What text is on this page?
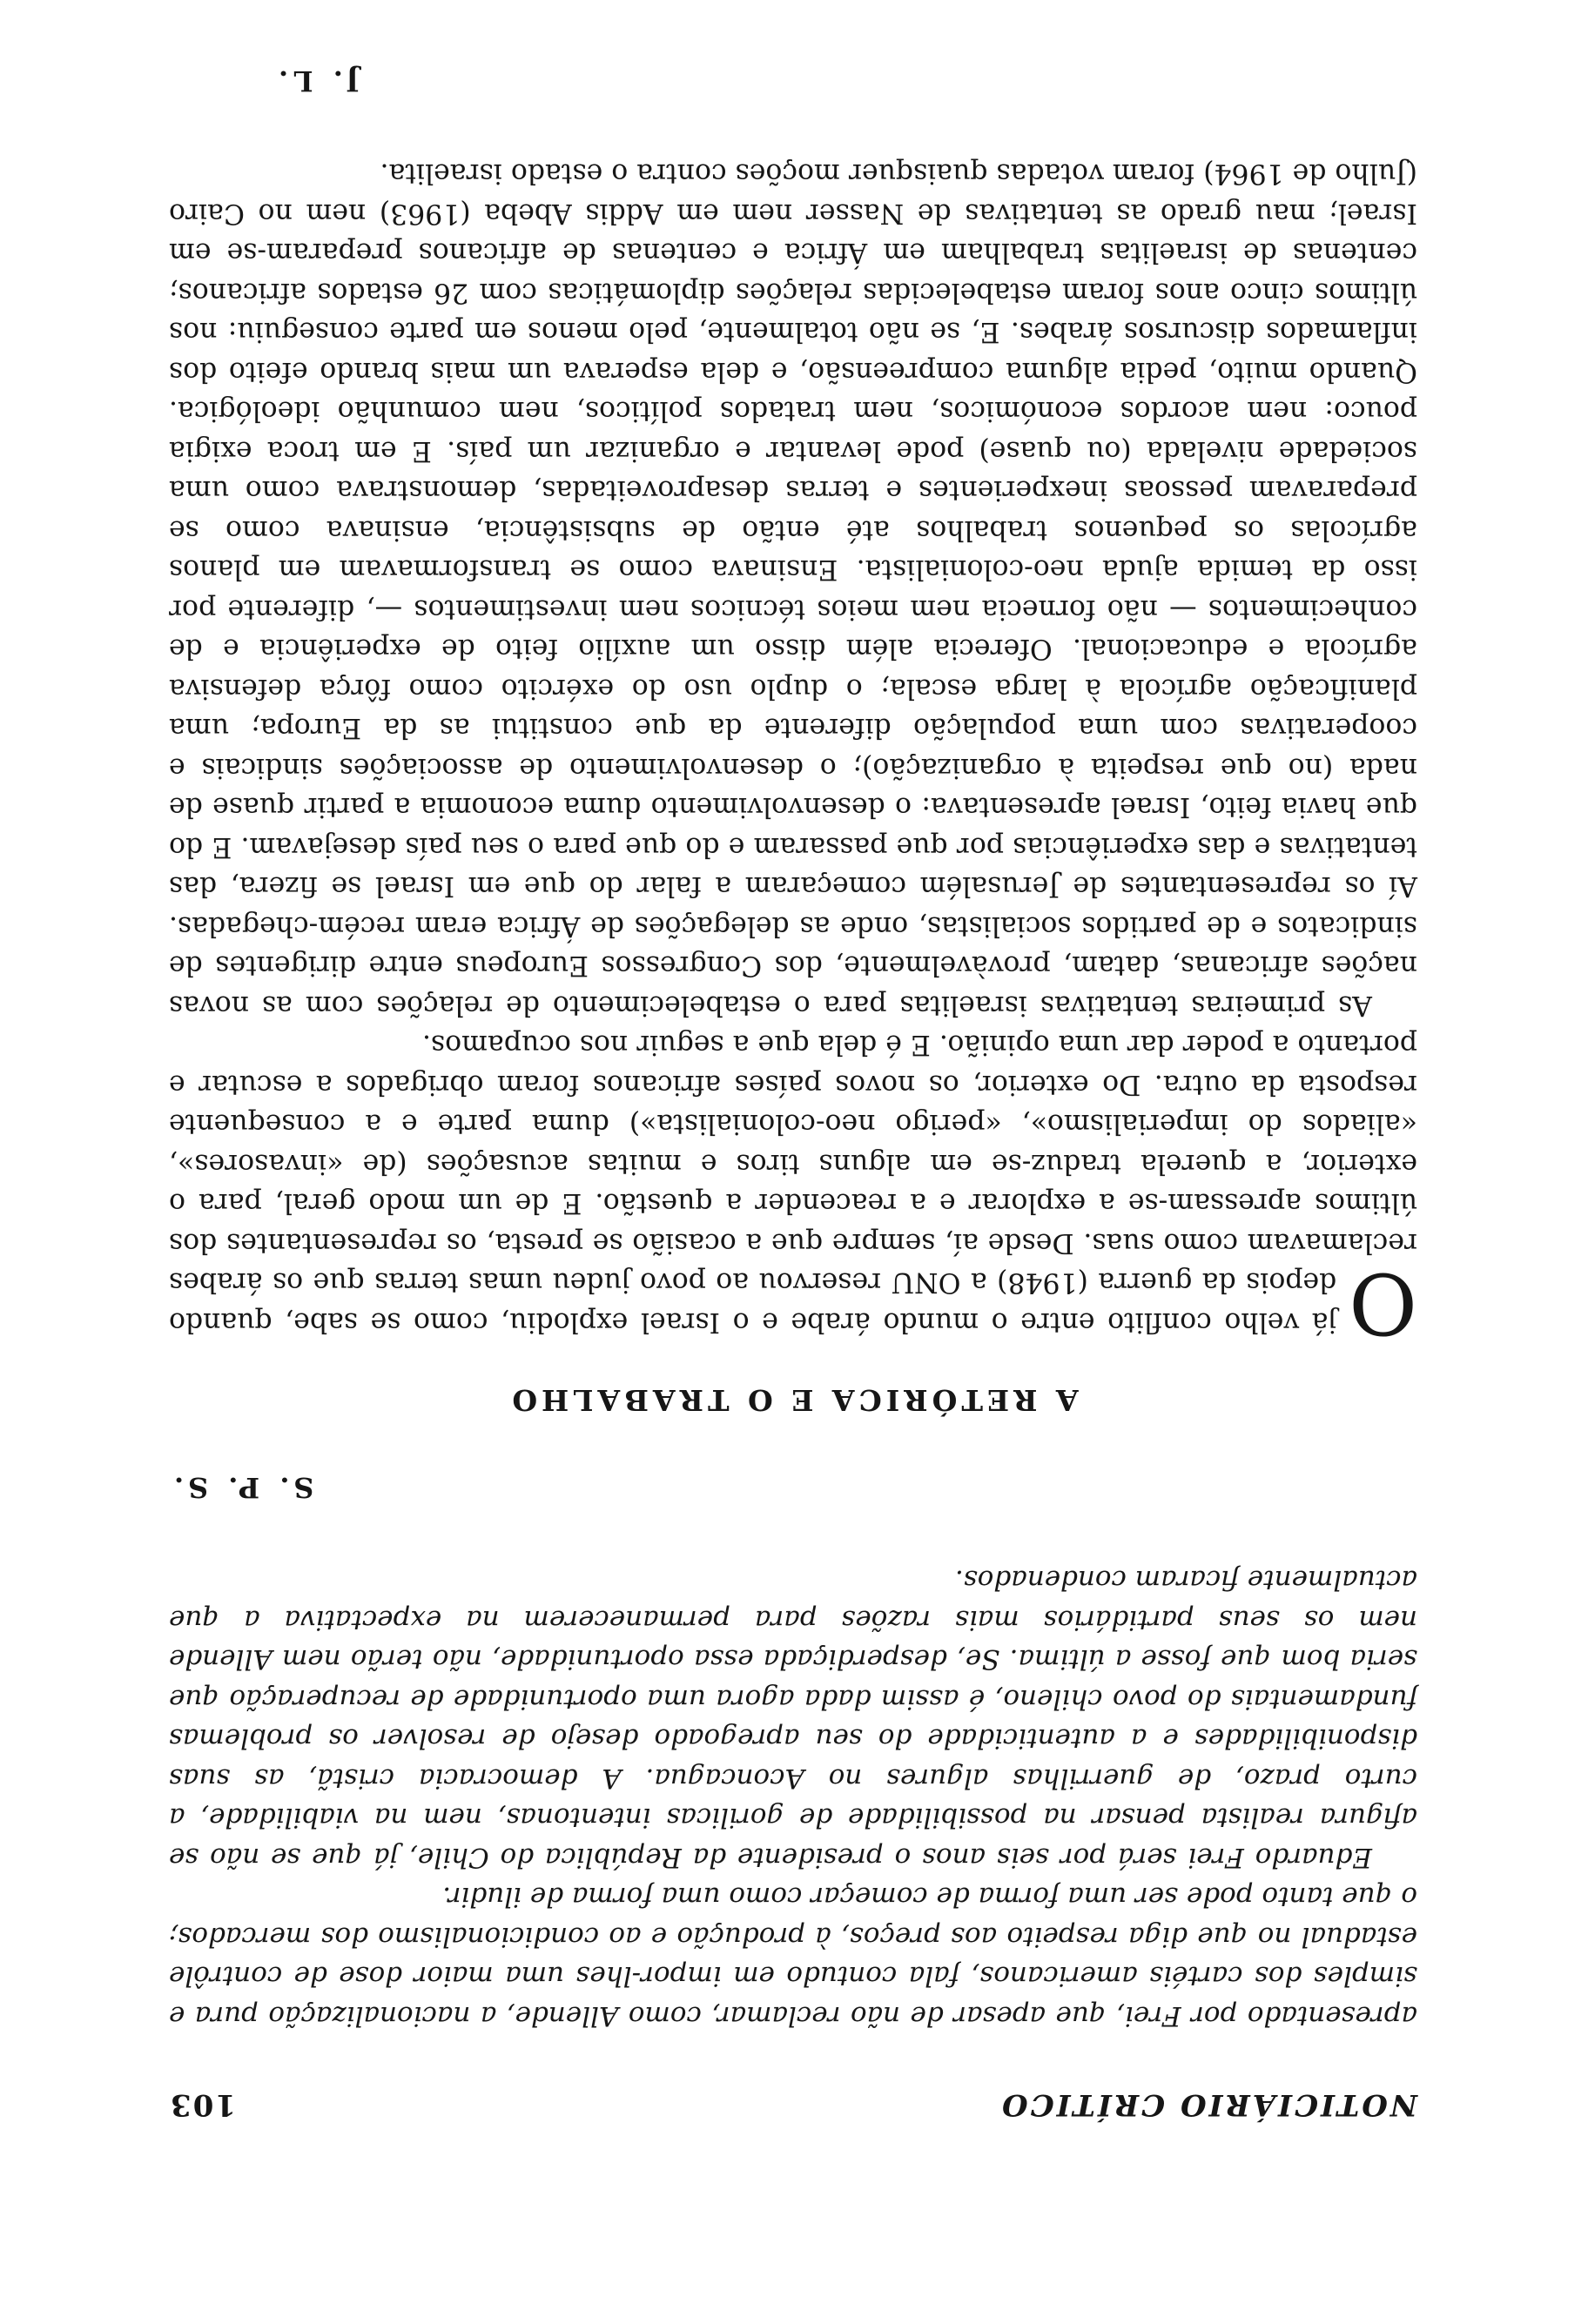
NOTICIÁRIO CRÍTICO
103

apresentado por Frei, que apesar de não reclamar, como Allende, a nacionalização pura e simples dos cartéis americanos, fala contudo em impor-lhes uma maior dose de contrôle estadual no que diga respeito aos preços, à produção e ao condicionalismo dos mercados; o que tanto pode ser uma forma de começar como uma forma de iludir.

Eduardo Frei será por seis anos o presidente da República do Chile, já que se não se afigura realista pensar na possibilidade de gorilicas intentonas, nem na viabilidade, a curto prazo, de guerrilhas algures no Aconcagua. A democracia cristã, as suas disponibilidades e a autenticidade do seu apregoado desejo de resolver os problemas fundamentais do povo chileno, é assim dada agora uma oportunidade de recuperação que seria bom que fosse a última. Se, desperdiçada essa oportunidade, não terão nem Allende nem os seus partidários mais razões para permanecerem na expectativa a que actualmente ficaram condenados.

S. P. S.
A RETÓRICA E O TRABALHO

O
já velho conflito entre o mundo árabe e o Israel explodiu, como se sabe, quando depois da guerra (1948) a ONU reservou ao povo judeu umas terras que os árabes reclamavam como suas. Desde aí, sempre que a ocasião se presta, os representantes dos últimos apressam-se a explorar e a reacender a questão. E de um modo geral, para o exterior, a querela traduz-se em alguns tiros e muitas acusações (de «invasores», «aliados do imperialismo», «perigo neo-colonialista») duma parte e a consequente resposta da outra. Do exterior, os novos países africanos foram obrigados a escutar e portanto a poder dar uma opinião. E é dela que a seguir nos ocupamos.

As primeiras tentativas israelitas para o estabelecimento de relações com as novas nações africanas, datam, provàvelmente, dos Congressos Europeus entre dirigentes de sindicatos e de partidos socialistas, onde as delegações de África eram recém-chegadas. Aí os representantes de Jerusalém começaram a falar do que em Israel se fizera, das tentativas e das experiências por que passaram e do que para o seu país desejavam. E do que havia feito, Israel apresentava: o desenvolvimento duma economia a partir quase de nada (no que respeita à organização); o desenvolvimento de associações sindicais e cooperativas com uma população diferente da que constitui as da Europa; uma planificação agrícola à larga escala; o duplo uso do exército como fôrça defensiva agrícola e educacional. Oferecia além disso um auxílio feito de experiência e de conhecimentos — não fornecia nem meios técnicos nem investimentos —, diferente por isso da temida ajuda neo-colonialista. Ensinava como se transformavam em planos agrícolas os pequenos trabalhos até então de subsistência, ensinava como se preparavam pessoas inexperientes e terras desaproveitadas, demonstrava como uma sociedade nivelada (ou quase) pode levantar e organizar um país. E em troca exigia pouco: nem acordos económicos, nem tratados políticos, nem comunhão ideológica. Quando muito, pedia alguma compreensão, e dela esperava um mais brando efeito dos inflamados discursos árabes. E, se não totalmente, pelo menos em parte conseguiu: nos últimos cinco anos foram estabelecidas relações diplomáticas com 26 estados africanos; centenas de israelitas trabalham em África e centenas de africanos preparam-se em Israel; mau grado as tentativas de Nasser nem em Addis Abeba (1963) nem no Cairo (Julho de 1964) foram votadas quaisquer moções contra o estado israelita.

J. L.
